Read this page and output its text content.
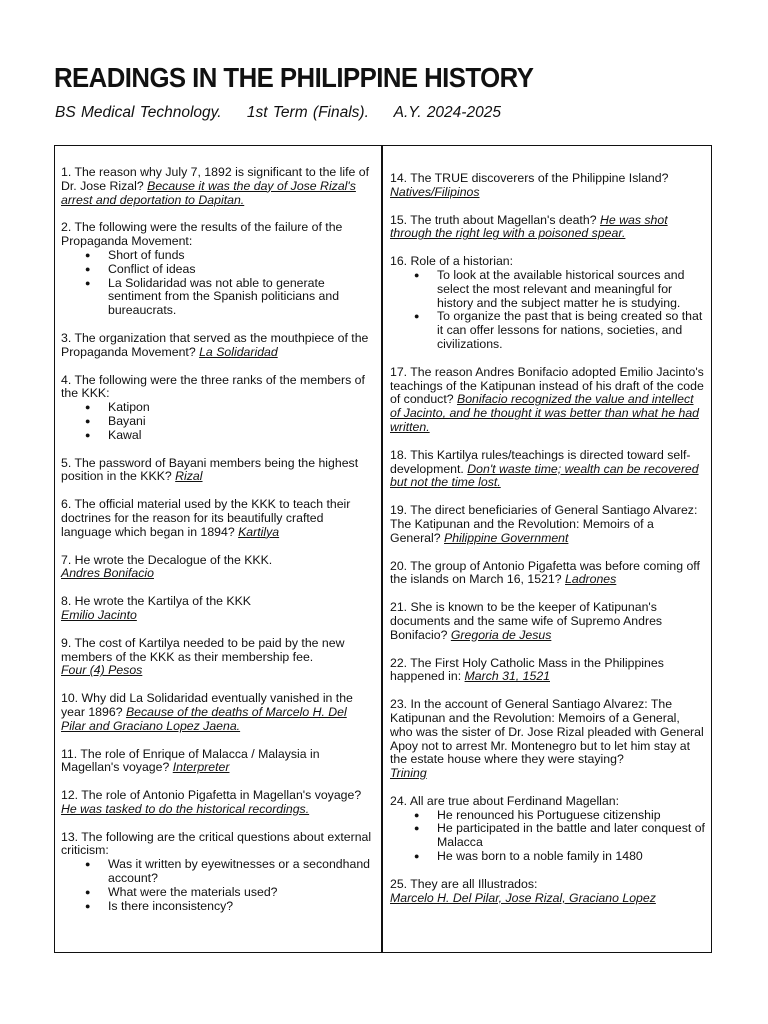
READINGS IN THE PHILIPPINE HISTORY
BS Medical Technology. 1st Term (Finals). A.Y. 2024-2025
1. The reason why July 7, 1892 is significant to the life of Dr. Jose Rizal? Because it was the day of Jose Rizal's arrest and deportation to Dapitan.
2. The following were the results of the failure of the Propaganda Movement:
● Short of funds
● Conflict of ideas
● La Solidaridad was not able to generate sentiment from the Spanish politicians and bureaucrats.
3. The organization that served as the mouthpiece of the Propaganda Movement? La Solidaridad
4. The following were the three ranks of the members of the KKK:
● Katipon
● Bayani
● Kawal
5. The password of Bayani members being the highest position in the KKK? Rizal
6. The official material used by the KKK to teach their doctrines for the reason for its beautifully crafted language which began in 1894? Kartilya
7. He wrote the Decalogue of the KKK.
Andres Bonifacio
8. He wrote the Kartilya of the KKK
Emilio Jacinto
9. The cost of Kartilya needed to be paid by the new members of the KKK as their membership fee.
Four (4) Pesos
10. Why did La Solidaridad eventually vanished in the year 1896? Because of the deaths of Marcelo H. Del Pilar and Graciano Lopez Jaena.
11. The role of Enrique of Malacca / Malaysia in Magellan's voyage? Interpreter
12. The role of Antonio Pigafetta in Magellan's voyage? He was tasked to do the historical recordings.
13. The following are the critical questions about external criticism:
● Was it written by eyewitnesses or a secondhand account?
● What were the materials used?
● Is there inconsistency?
14. The TRUE discoverers of the Philippine Island?
Natives/Filipinos
15. The truth about Magellan's death? He was shot through the right leg with a poisoned spear.
16. Role of a historian:
● To look at the available historical sources and select the most relevant and meaningful for history and the subject matter he is studying.
● To organize the past that is being created so that it can offer lessons for nations, societies, and civilizations.
17. The reason Andres Bonifacio adopted Emilio Jacinto's teachings of the Katipunan instead of his draft of the code of conduct? Bonifacio recognized the value and intellect of Jacinto, and he thought it was better than what he had written.
18. This Kartilya rules/teachings is directed toward self-development. Don't waste time; wealth can be recovered but not the time lost.
19. The direct beneficiaries of General Santiago Alvarez: The Katipunan and the Revolution: Memoirs of a General? Philippine Government
20. The group of Antonio Pigafetta was before coming off the islands on March 16, 1521? Ladrones
21. She is known to be the keeper of Katipunan's documents and the same wife of Supremo Andres Bonifacio? Gregoria de Jesus
22. The First Holy Catholic Mass in the Philippines happened in: March 31, 1521
23. In the account of General Santiago Alvarez: The Katipunan and the Revolution: Memoirs of a General, who was the sister of Dr. Jose Rizal pleaded with General Apoy not to arrest Mr. Montenegro but to let him stay at the estate house where they were staying?
Trining
24. All are true about Ferdinand Magellan:
● He renounced his Portuguese citizenship
● He participated in the battle and later conquest of Malacca
● He was born to a noble family in 1480
25. They are all Illustrados:
Marcelo H. Del Pilar, Jose Rizal, Graciano Lopez
